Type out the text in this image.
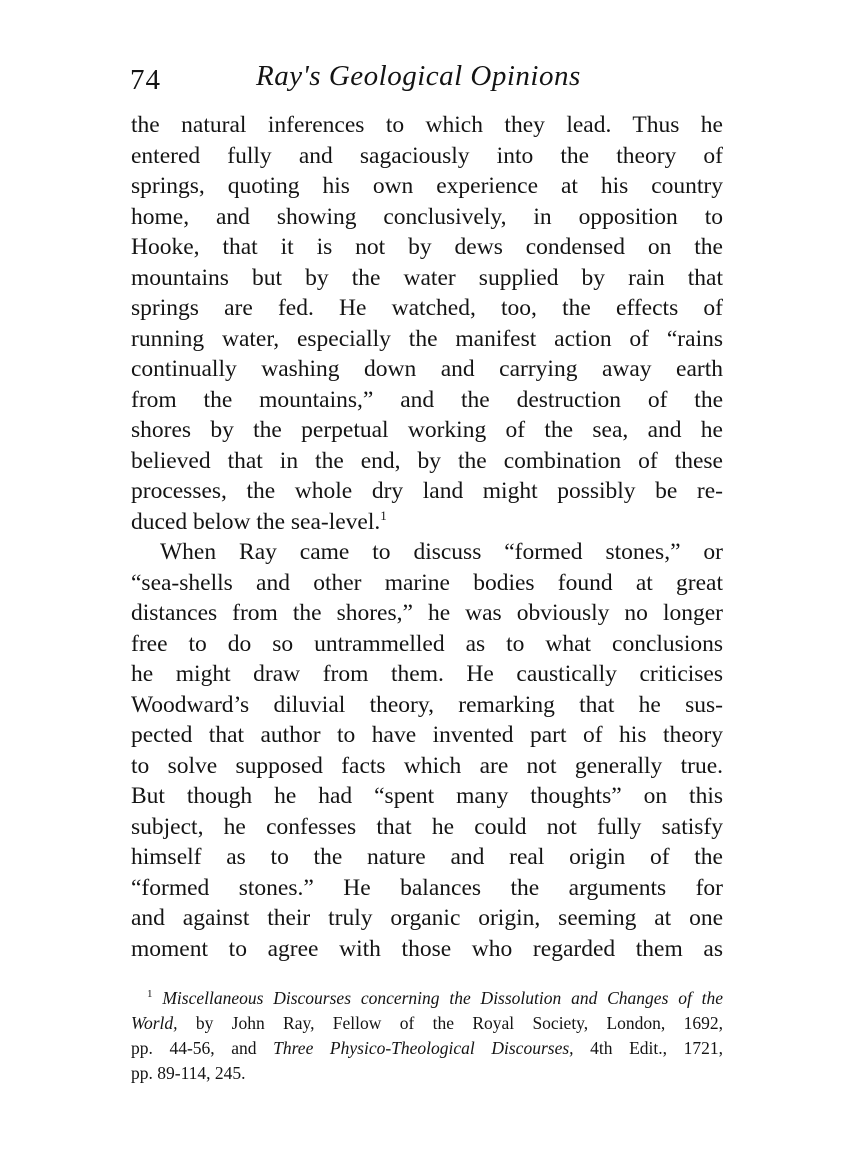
74	Ray's Geological Opinions
the natural inferences to which they lead. Thus he
entered fully and sagaciously into the theory of
springs, quoting his own experience at his country
home, and showing conclusively, in opposition to
Hooke, that it is not by dews condensed on the
mountains but by the water supplied by rain that
springs are fed. He watched, too, the effects of
running water, especially the manifest action of “rains
continually washing down and carrying away earth
from the mountains,” and the destruction of the
shores by the perpetual working of the sea, and he
believed that in the end, by the combination of these
processes, the whole dry land might possibly be re-
duced below the sea-level.$^1$
When Ray came to discuss “formed stones,” or
“sea-shells and other marine bodies found at great
distances from the shores,” he was obviously no longer
free to do so untrammelled as to what conclusions
he might draw from them. He caustically criticises
Woodward’s diluvial theory, remarking that he sus-
pected that author to have invented part of his theory
to solve supposed facts which are not generally true.
But though he had “spent many thoughts” on this
subject, he confesses that he could not fully satisfy
himself as to the nature and real origin of the
“formed stones.” He balances the arguments for
and against their truly organic origin, seeming at one
moment to agree with those who regarded them as
$^1$ Miscellaneous Discourses concerning the Dissolution and Changes of the
World, by John Ray, Fellow of the Royal Society, London, 1692,
pp. 44-56, and Three Physico-Theological Discourses, 4th Edit., 1721,
pp. 89-114, 245.
